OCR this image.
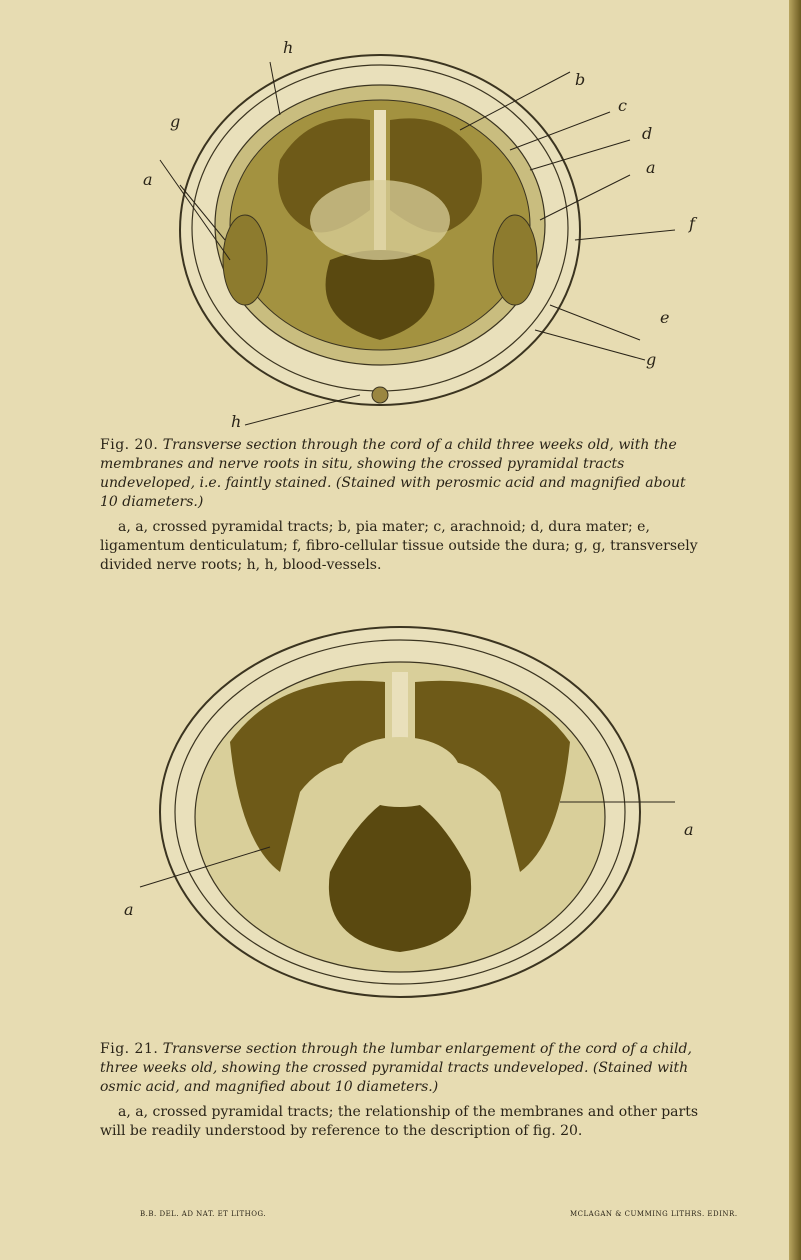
h
g
b
a
c
d
a
f
e
g
h

Fig. 20. Transverse section through the cord of a child three weeks old, with the membranes and nerve roots in situ, showing the crossed pyramidal tracts undeveloped, i.e. faintly stained. (Stained with perosmic acid and magnified about 10 diameters.)

a, a, crossed pyramidal tracts; b, pia mater; c, arachnoid; d, dura mater; e, ligamentum denticulatum; f, fibro-cellular tissue outside the dura; g, g, transversely divided nerve roots; h, h, blood-vessels.

a
a

Fig. 21. Transverse section through the lumbar enlargement of the cord of a child, three weeks old, showing the crossed pyramidal tracts undeveloped. (Stained with osmic acid, and magnified about 10 diameters.)

a, a, crossed pyramidal tracts; the relationship of the membranes and other parts will be readily understood by reference to the description of fig. 20.

B.B. DEL. AD NAT. ET LITHOG.	MCLAGAN & CUMMING LITHRS. EDINR.
